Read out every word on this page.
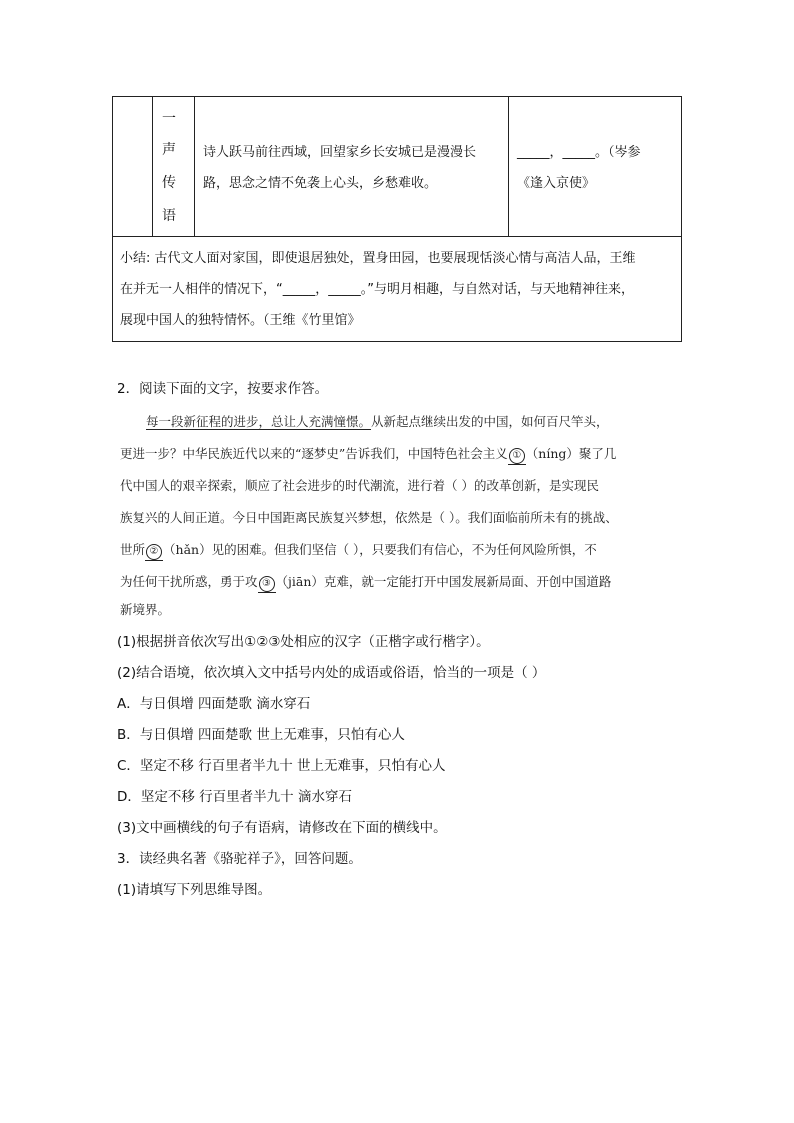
一
声
传
语
诗人跃马前往西域，回望家乡长安城已是漫漫长
路，思念之情不免袭上心头，乡愁难收。
_____，_____。（岑参
《逢入京使》
小结: 古代文人面对家国，即使退居独处，置身田园，也要展现恬淡心情与高洁人品，王维
在并无一人相伴的情况下，“_____，_____。”与明月相趣，与自然对话，与天地精神往来，
展现中国人的独特情怀。（王维《竹里馆》
2．阅读下面的文字，按要求作答。
每一段新征程的进步，总让人充满憧憬。从新起点继续出发的中国，如何百尺竿头，
更进一步？中华民族近代以来的“逐梦史”告诉我们，中国特色社会主义 ① （níng）聚了几
代中国人的艰辛探索，顺应了社会进步的时代潮流，进行着（ ）的改革创新，是实现民
族复兴的人间正道。今日中国距离民族复兴梦想，依然是（ ）。我们面临前所未有的挑战、
世所 ② （hǎn）见的困难。但我们坚信（ ），只要我们有信心，不为任何风险所惧，不
为任何干扰所惑，勇于攻 ③ （jiān）克难，就一定能打开中国发展新局面、开创中国道路
新境界。
(1)根据拼音依次写出①②③处相应的汉字（正楷字或行楷字）。
(2)结合语境，依次填入文中括号内处的成语或俗语，恰当的一项是（ ）
A．与日俱增 四面楚歌 滴水穿石
B．与日俱增 四面楚歌 世上无难事，只怕有心人
C．坚定不移 行百里者半九十 世上无难事，只怕有心人
D．坚定不移 行百里者半九十 滴水穿石
(3)文中画横线的句子有语病，请修改在下面的横线中。
3．读经典名著《骆驼祥子》，回答问题。
(1)请填写下列思维导图。
